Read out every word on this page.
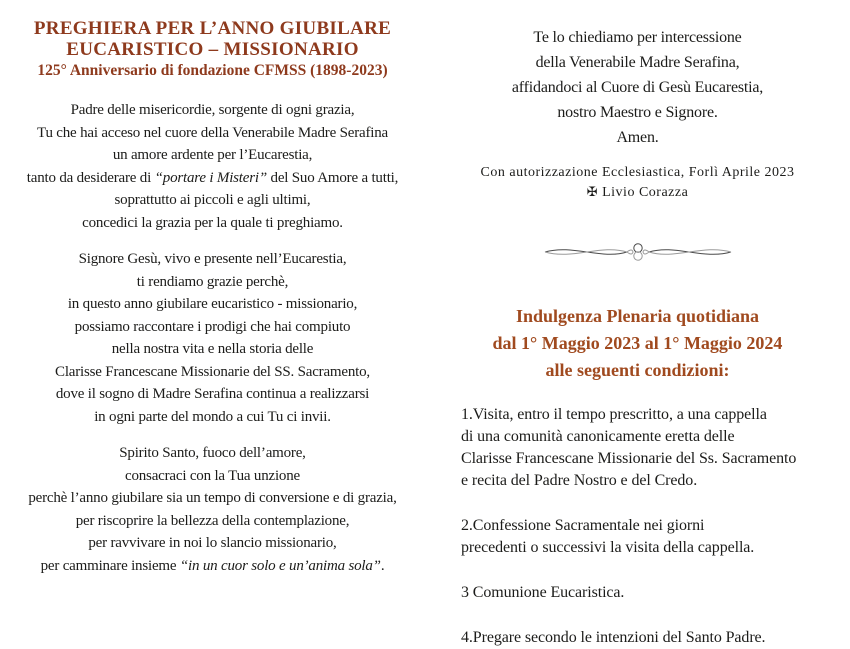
PREGHIERA PER L’ANNO GIUBILARE
EUCARISTICO – MISSIONARIO
125° Anniversario di fondazione CFMSS (1898-2023)
Padre delle misericordie, sorgente di ogni grazia,
Tu che hai acceso nel cuore della Venerabile Madre Serafina
un amore ardente per l’Eucarestia,
tanto da desiderare di “portare i Misteri” del Suo Amore a tutti,
soprattutto ai piccoli e agli ultimi,
concedici la grazia per la quale ti preghiamo.
Signore Gesù, vivo e presente nell’Eucarestia,
ti rendiamo grazie perchè,
in questo anno giubilare eucaristico - missionario,
possiamo raccontare i prodigi che hai compiuto
nella nostra vita e nella storia delle
Clarisse Francescane Missionarie del SS. Sacramento,
dove il sogno di Madre Serafina continua a realizzarsi
in ogni parte del mondo a cui Tu ci invii.
Spirito Santo, fuoco dell’amore,
consacraci con la Tua unzione
perchè l’anno giubilare sia un tempo di conversione e di grazia,
per riscoprire la bellezza della contemplazione,
per ravvivare in noi lo slancio missionario,
per camminare insieme “in un cuor solo e un’anima sola”.
Te lo chiediamo per intercessione
della Venerabile Madre Serafina,
affidandoci al Cuore di Gesù Eucarestia,
nostro Maestro e Signore.
Amen.
Con autorizzazione Ecclesiastica, Forlì Aprile 2023
✠ Livio Corazza
Indulgenza Plenaria quotidiana
dal 1° Maggio 2023 al 1° Maggio 2024
alle seguenti condizioni:
1.Visita, entro il tempo prescritto, a una cappella
di una comunità canonicamente eretta delle
Clarisse Francescane Missionarie del Ss. Sacramento
e recita del Padre Nostro e del Credo.
2.Confessione Sacramentale nei giorni
precedenti o successivi la visita della cappella.
3 Comunione Eucaristica.
4.Pregare secondo le intenzioni del Santo Padre.
